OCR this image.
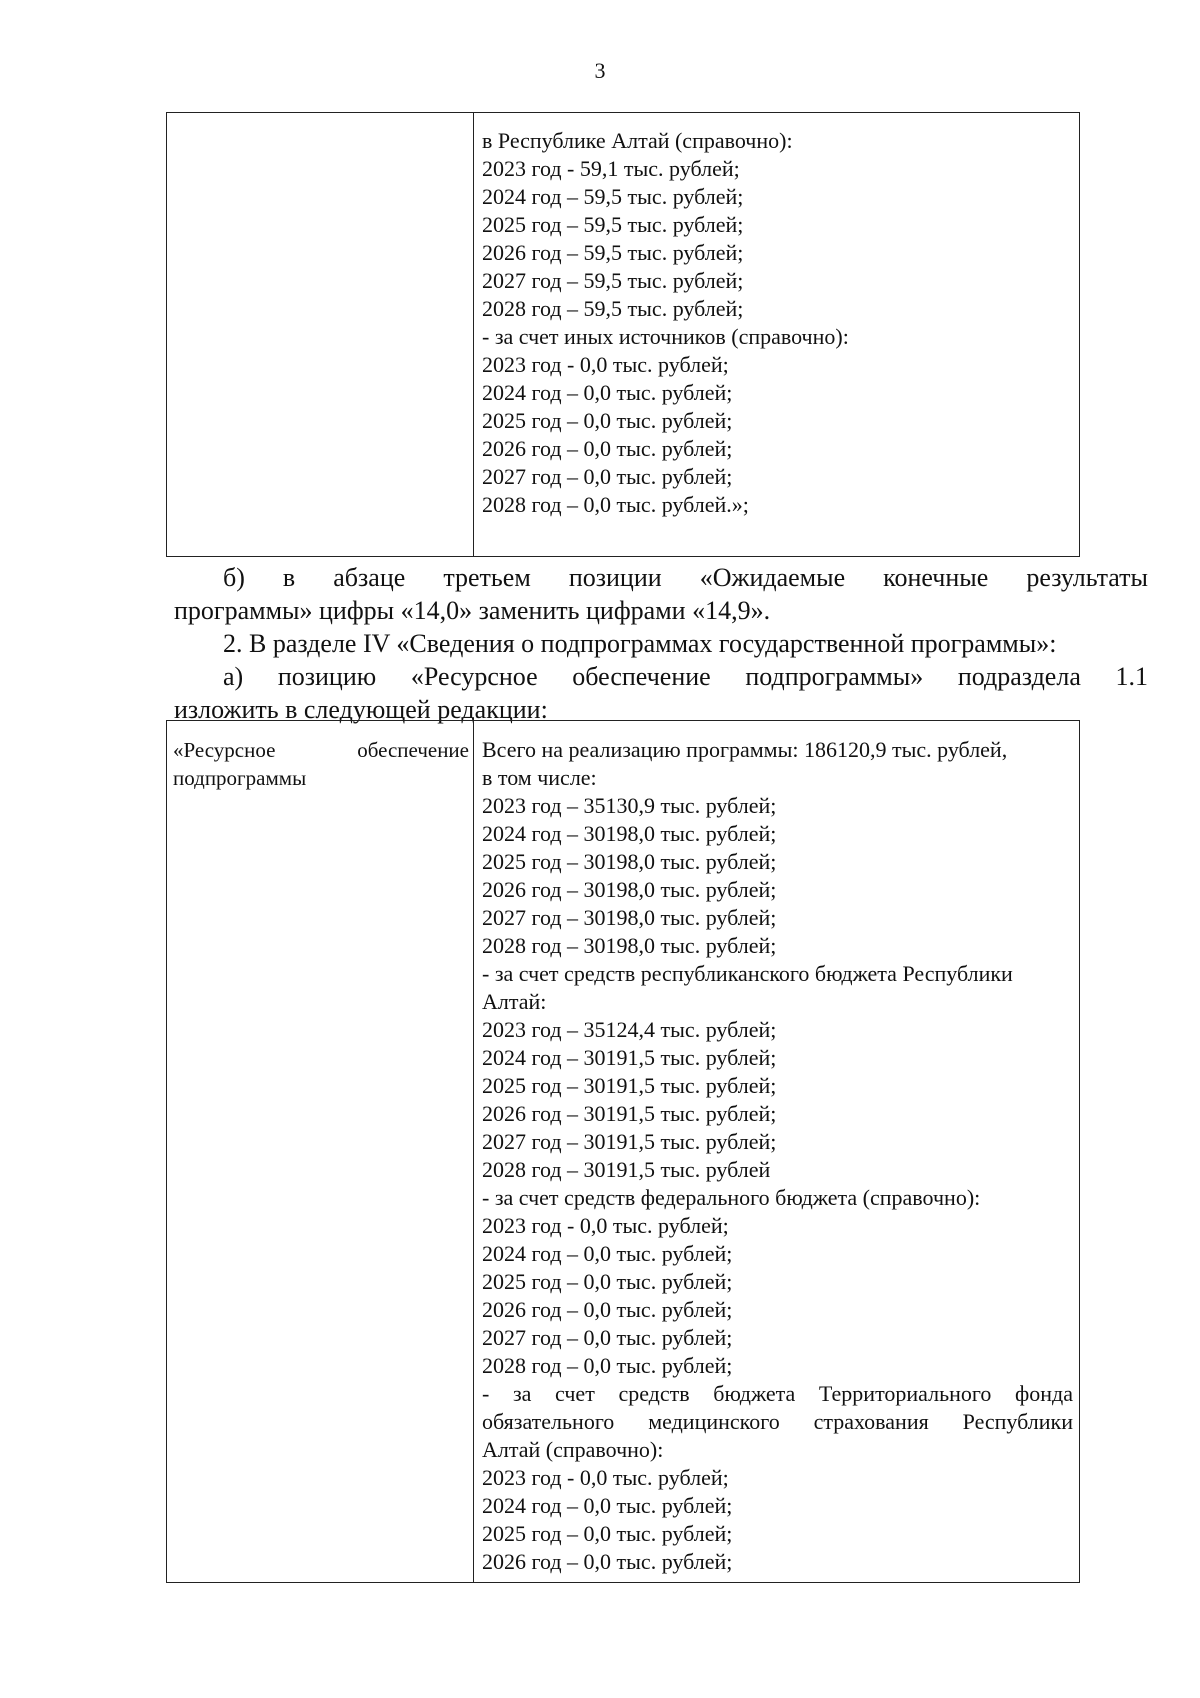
3
в Республике Алтай (справочно):
2023 год - 59,1 тыс. рублей;
2024 год – 59,5 тыс. рублей;
2025 год – 59,5 тыс. рублей;
2026 год – 59,5 тыс. рублей;
2027 год – 59,5 тыс. рублей;
2028 год – 59,5 тыс. рублей;
- за счет иных источников (справочно):
2023 год - 0,0 тыс. рублей;
2024 год – 0,0 тыс. рублей;
2025 год – 0,0 тыс. рублей;
2026 год – 0,0 тыс. рублей;
2027 год – 0,0 тыс. рублей;
2028 год – 0,0 тыс. рублей.»;
б) в абзаце третьем позиции «Ожидаемые конечные результаты
программы» цифры «14,0» заменить цифрами «14,9».
2. В разделе IV «Сведения о подпрограммах государственной программы»:
а) позицию «Ресурсное обеспечение подпрограммы» подраздела 1.1
изложить в следующей редакции:
«Ресурсное обеспечение
подпрограммы
Всего на реализацию программы: 186120,9 тыс. рублей,
в том числе:
2023 год – 35130,9 тыс. рублей;
2024 год – 30198,0 тыс. рублей;
2025 год – 30198,0 тыс. рублей;
2026 год – 30198,0 тыс. рублей;
2027 год – 30198,0 тыс. рублей;
2028 год – 30198,0 тыс. рублей;
- за счет средств республиканского бюджета Республики
Алтай:
2023 год – 35124,4 тыс. рублей;
2024 год – 30191,5 тыс. рублей;
2025 год – 30191,5 тыс. рублей;
2026 год – 30191,5 тыс. рублей;
2027 год – 30191,5 тыс. рублей;
2028 год – 30191,5 тыс. рублей
- за счет средств федерального бюджета (справочно):
2023 год - 0,0 тыс. рублей;
2024 год – 0,0 тыс. рублей;
2025 год – 0,0 тыс. рублей;
2026 год – 0,0 тыс. рублей;
2027 год – 0,0 тыс. рублей;
2028 год – 0,0 тыс. рублей;
- за счет средств бюджета Территориального фонда
обязательного медицинского страхования Республики
Алтай (справочно):
2023 год - 0,0 тыс. рублей;
2024 год – 0,0 тыс. рублей;
2025 год – 0,0 тыс. рублей;
2026 год – 0,0 тыс. рублей;
